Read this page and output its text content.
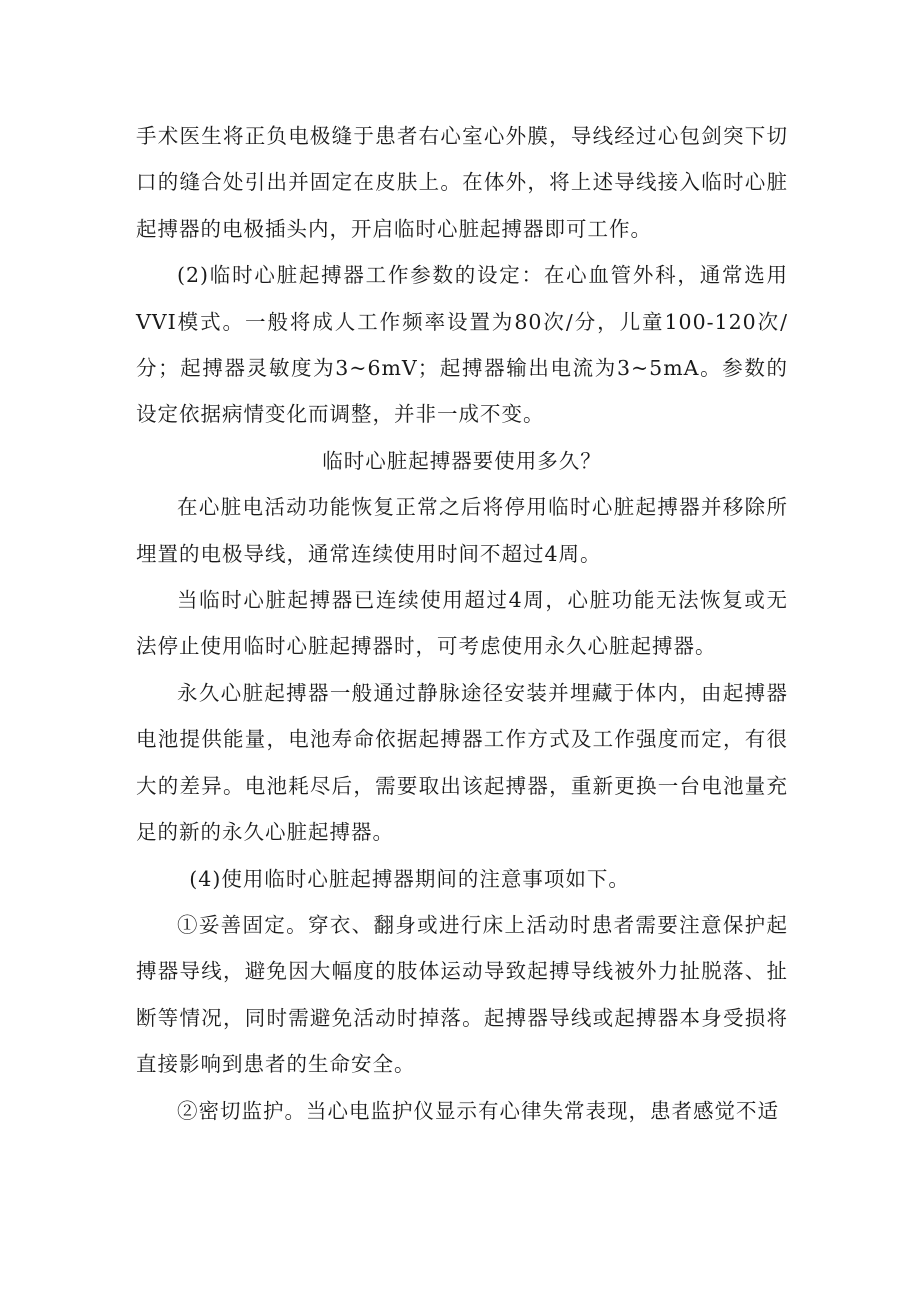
手术医生将正负电极缝于患者右心室心外膜，导线经过心包剑突下切口的缝合处引出并固定在皮肤上。在体外，将上述导线接入临时心脏起搏器的电极插头内，开启临时心脏起搏器即可工作。

(2)临时心脏起搏器工作参数的设定：在心血管外科，通常选用VVI模式。一般将成人工作频率设置为80次/分，儿童100-120次/分；起搏器灵敏度为3~6mV；起搏器输出电流为3~5mA。参数的设定依据病情变化而调整，并非一成不变。

临时心脏起搏器要使用多久？

在心脏电活动功能恢复正常之后将停用临时心脏起搏器并移除所埋置的电极导线，通常连续使用时间不超过4周。

当临时心脏起搏器已连续使用超过4周，心脏功能无法恢复或无法停止使用临时心脏起搏器时，可考虑使用永久心脏起搏器。

永久心脏起搏器一般通过静脉途径安装并埋藏于体内，由起搏器电池提供能量，电池寿命依据起搏器工作方式及工作强度而定，有很大的差异。电池耗尽后，需要取出该起搏器，重新更换一台电池量充足的新的永久心脏起搏器。

(4)使用临时心脏起搏器期间的注意事项如下。

①妥善固定。穿衣、翻身或进行床上活动时患者需要注意保护起搏器导线，避免因大幅度的肢体运动导致起搏导线被外力扯脱落、扯断等情况，同时需避免活动时掉落。起搏器导线或起搏器本身受损将直接影响到患者的生命安全。

②密切监护。当心电监护仪显示有心律失常表现，患者感觉不适
